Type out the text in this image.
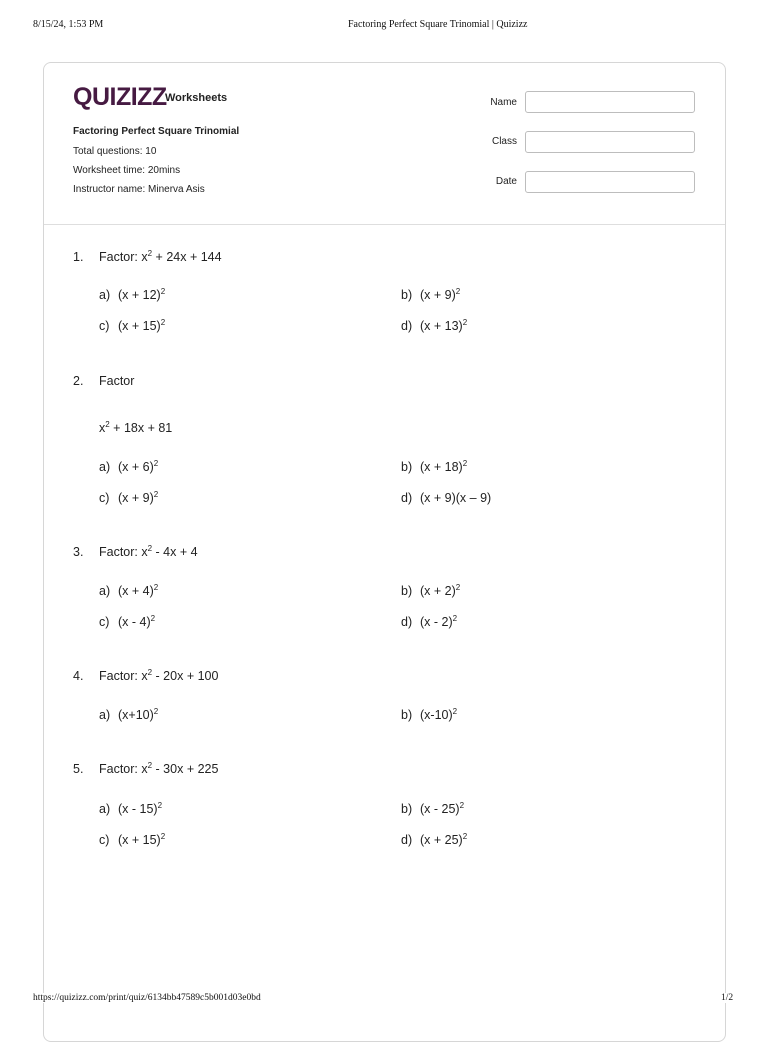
8/15/24, 1:53 PM	Factoring Perfect Square Trinomial | Quizizz
QUIZIZZ
Worksheets
Factoring Perfect Square Trinomial
Total questions: 10
Worksheet time: 20mins
Instructor name: Minerva Asis
Name
Class
Date
1. Factor: $x^2 + 24x + 144$
a) $(x + 12)^2$	b) $(x + 9)^2$
c) $(x + 15)^2$	d) $(x + 13)^2$
2. Factor
$x^2 + 18x + 81$
a) $(x + 6)^2$	b) $(x + 18)^2$
c) $(x + 9)^2$	d) (x + 9)(x – 9)
3. Factor: $x^2 - 4x + 4$
a) $(x + 4)^2$	b) $(x + 2)^2$
c) (x - 4)$^2$	d) (x - 2)$^2$
4. Factor: $x^2 - 20x + 100$
a) $(x+10)^2$	b) $(x-10)^2$
5. Factor: $x^2 - 30x + 225$
a) (x - 15)$^2$	b) (x - 25)$^2$
c) $(x + 15)^2$	d) $(x + 25)^2$
https://quizizz.com/print/quiz/6134bb47589c5b001d03e0bd	1/2
